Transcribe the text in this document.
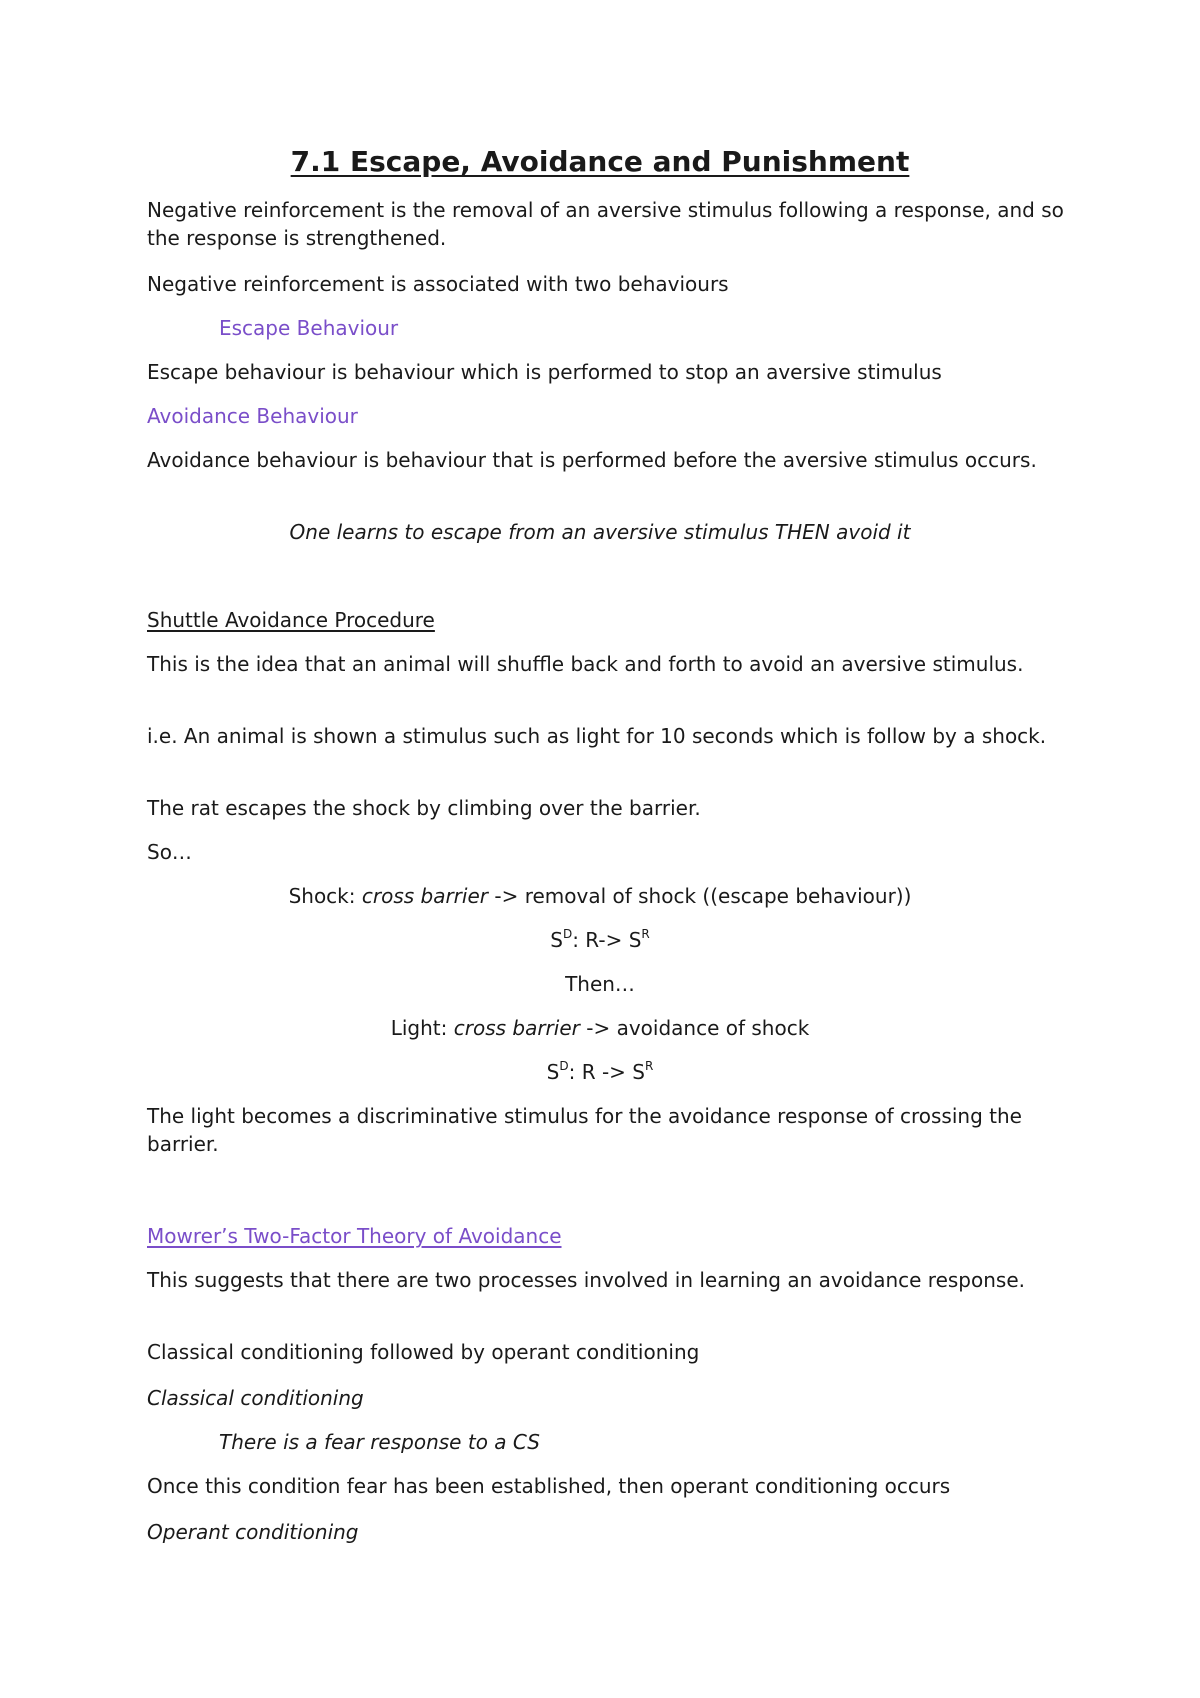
7.1 Escape, Avoidance and Punishment

Negative reinforcement is the removal of an aversive stimulus following a response, and so the response is strengthened.

Negative reinforcement is associated with two behaviours

Escape Behaviour

Escape behaviour is behaviour which is performed to stop an aversive stimulus

Avoidance Behaviour

Avoidance behaviour is behaviour that is performed before the aversive stimulus occurs.

One learns to escape from an aversive stimulus THEN avoid it

Shuttle Avoidance Procedure

This is the idea that an animal will shuffle back and forth to avoid an aversive stimulus.

i.e. An animal is shown a stimulus such as light for 10 seconds which is follow by a shock.

The rat escapes the shock by climbing over the barrier.

So…

Shock: cross barrier -> removal of shock ((escape behaviour))

$S^D$: $R-> S^R$

Then…

Light: cross barrier -> avoidance of shock

$S^D$: $R -> S^R$

The light becomes a discriminative stimulus for the avoidance response of crossing the barrier.

Mowrer’s Two-Factor Theory of Avoidance

This suggests that there are two processes involved in learning an avoidance response.

Classical conditioning followed by operant conditioning

Classical conditioning

There is a fear response to a CS

Once this condition fear has been established, then operant conditioning occurs

Operant conditioning
